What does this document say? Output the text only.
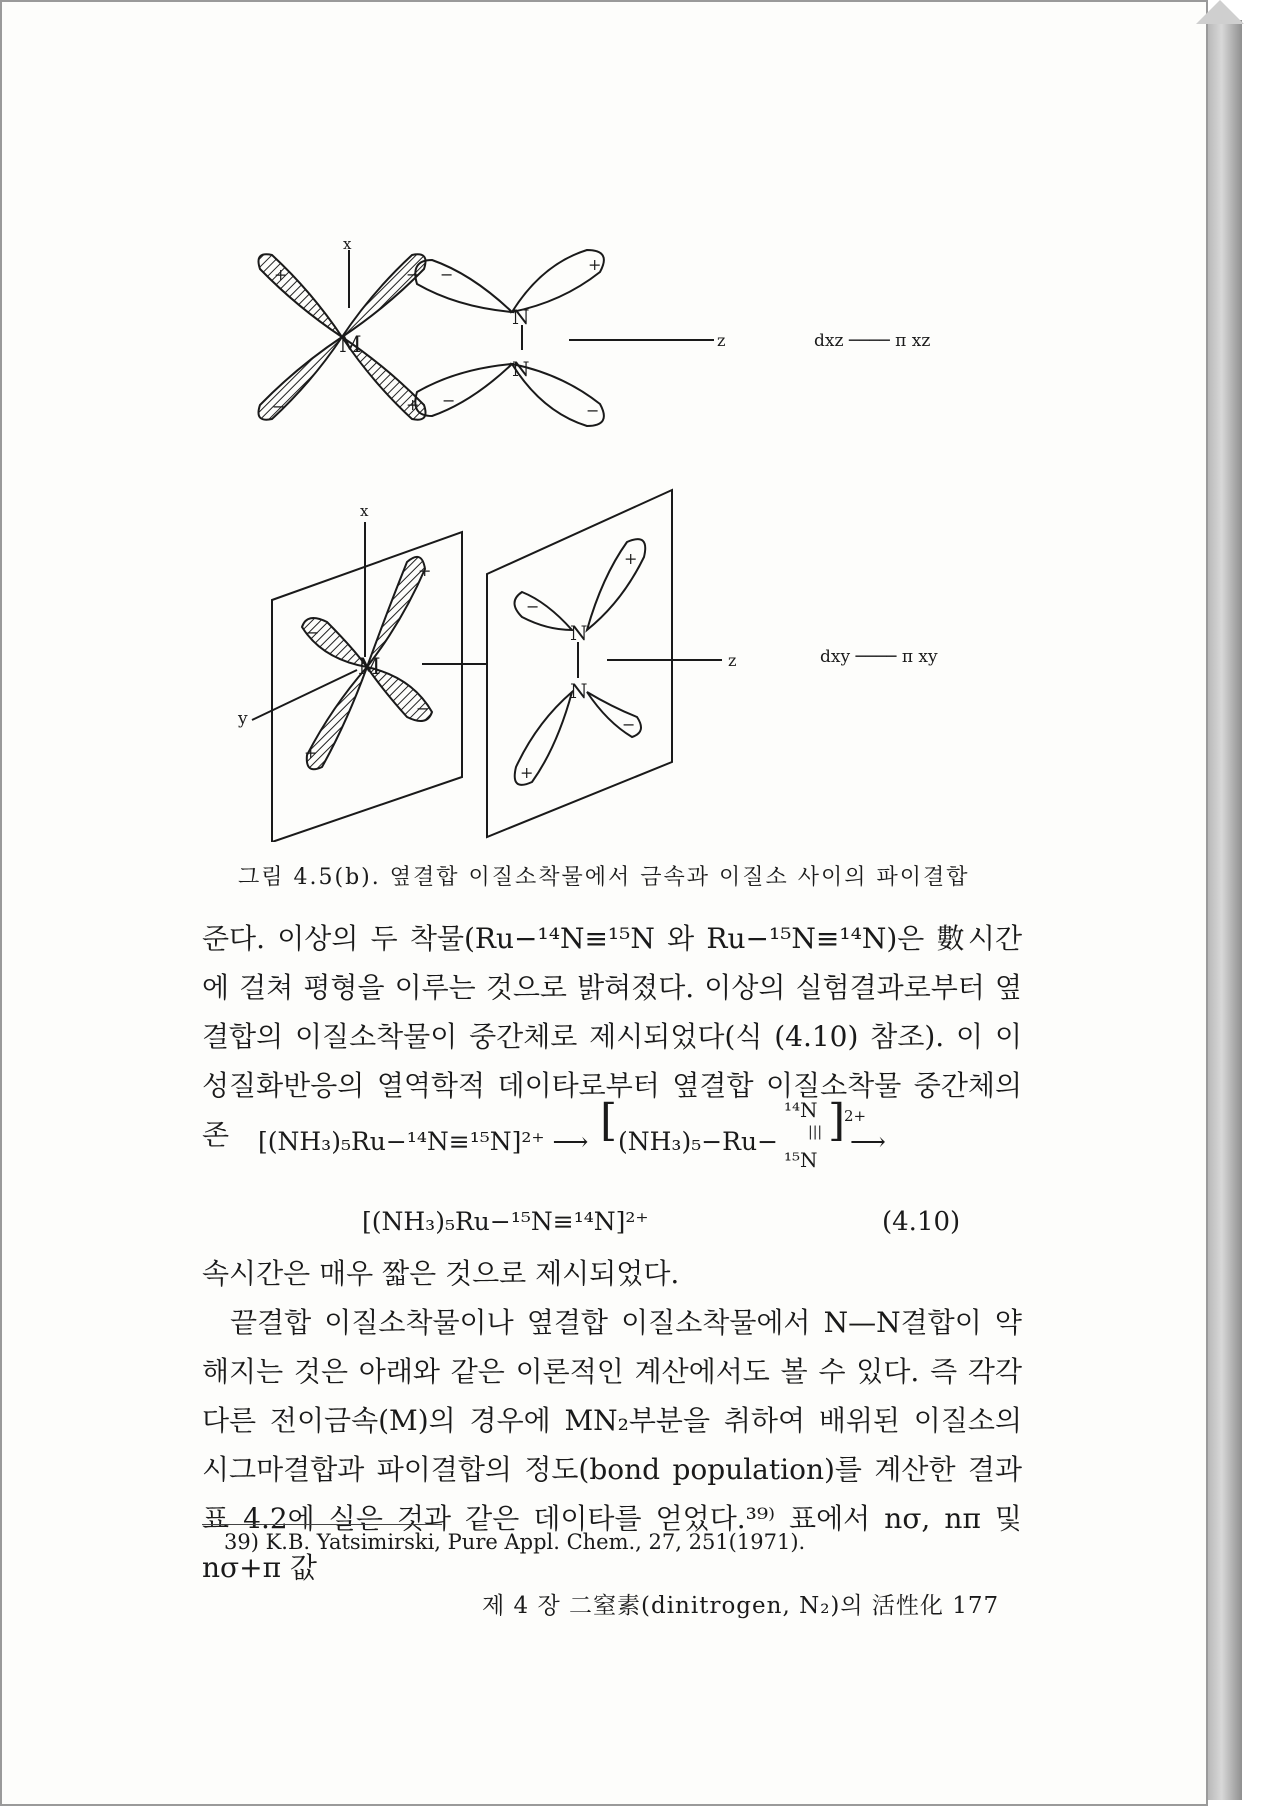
x
z
M
N
N
dxz ──── π xz
+	−
−	+
+
−
−
−
x
y
z
M
N
N
dxy ──── π xy
+
−
+
−
+
−
+
−
그림 4.5(b). 옆결합 이질소착물에서 금속과 이질소 사이의 파이결합

준다. 이상의 두 착물(Ru−¹⁴N≡¹⁵N 와 Ru−¹⁵N≡¹⁴N)은 數시간에 걸쳐 평형을 이루는 것으로 밝혀졌다. 이상의 실험결과로부터 옆결합의 이질소착물이 중간체로 제시되었다(식 (4.10) 참조). 이 이성질화반응의 열역학적 데이타로부터 옆결합 이질소착물 중간체의 존	[(NH₃)₅Ru−¹⁴N≡¹⁵N]²⁺ ⟶ [ (NH₃)₅−Ru−
¹⁴N
|||
¹⁵N
]
2+
⟶
[(NH₃)₅Ru−¹⁵N≡¹⁴N]²⁺	(4.10)

속시간은 매우 짧은 것으로 제시되었다.

끝결합 이질소착물이나 옆결합 이질소착물에서 N—N결합이 약해지는 것은 아래와 같은 이론적인 계산에서도 볼 수 있다. 즉 각각 다른 전이금속(M)의 경우에 MN₂부분을 취하여 배위된 이질소의 시그마결합과 파이결합의 정도(bond population)를 계산한 결과 표 4.2에 실은 것과 같은 데이타를 얻었다.³⁹⁾ 표에서 nσ, nπ 및 nσ+π 값

39) K.B. Yatsimirski, Pure Appl. Chem., 27, 251(1971).
제 4 장 二窒素(dinitrogen, N₂)의 活性化 177
